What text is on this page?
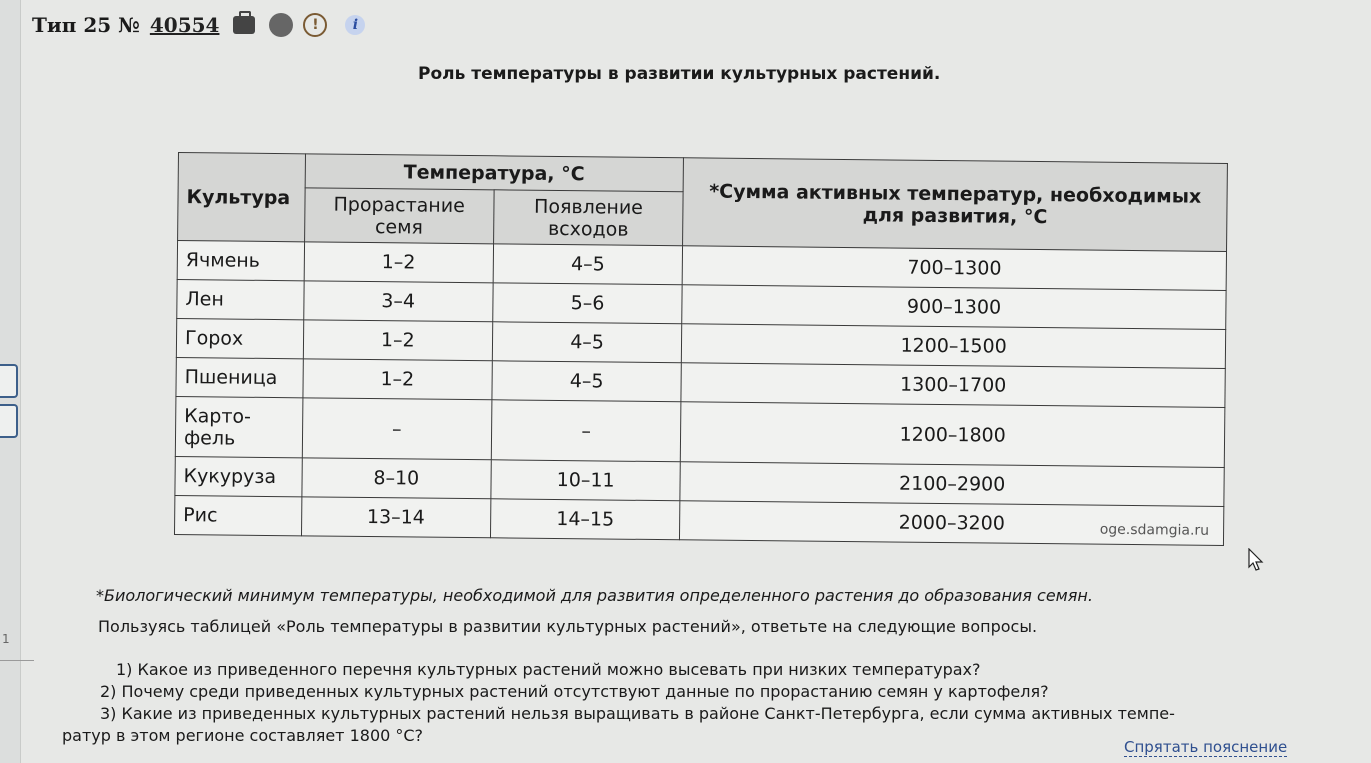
1
Тип 25 № 40554	!	i
Роль температуры в развитии культурных растений.
Культура	Температура, °С		*Сумма активных температур, необходимых для развития, °С
	Прорастание семя	Появление всходов	
Ячмень	1–2	4–5	700–1300
Лен	3–4	5–6	900–1300
Горох	1–2	4–5	1200–1500
Пшеница	1–2	4–5	1300–1700
Карто-фель	–	–	1200–1800
Кукуруза	8–10	10–11	2100–2900
Рис	13–14	14–15	2000–3200 oge.sdamgia.ru
*Биологический минимум температуры, необходимой для развития определенного растения до образования семян.
Пользуясь таблицей «Роль температуры в развитии культурных растений», ответьте на следующие вопросы.
1) Какое из приведенного перечня культурных растений можно высевать при низких температурах?
2) Почему среди приведенных культурных растений отсутствуют данные по прорастанию семян у картофеля?
3) Какие из приведенных культурных растений нельзя выращивать в районе Санкт-Петербурга, если сумма активных темпе-
ратур в этом регионе составляет 1800 °С?
Спрятать пояснение
